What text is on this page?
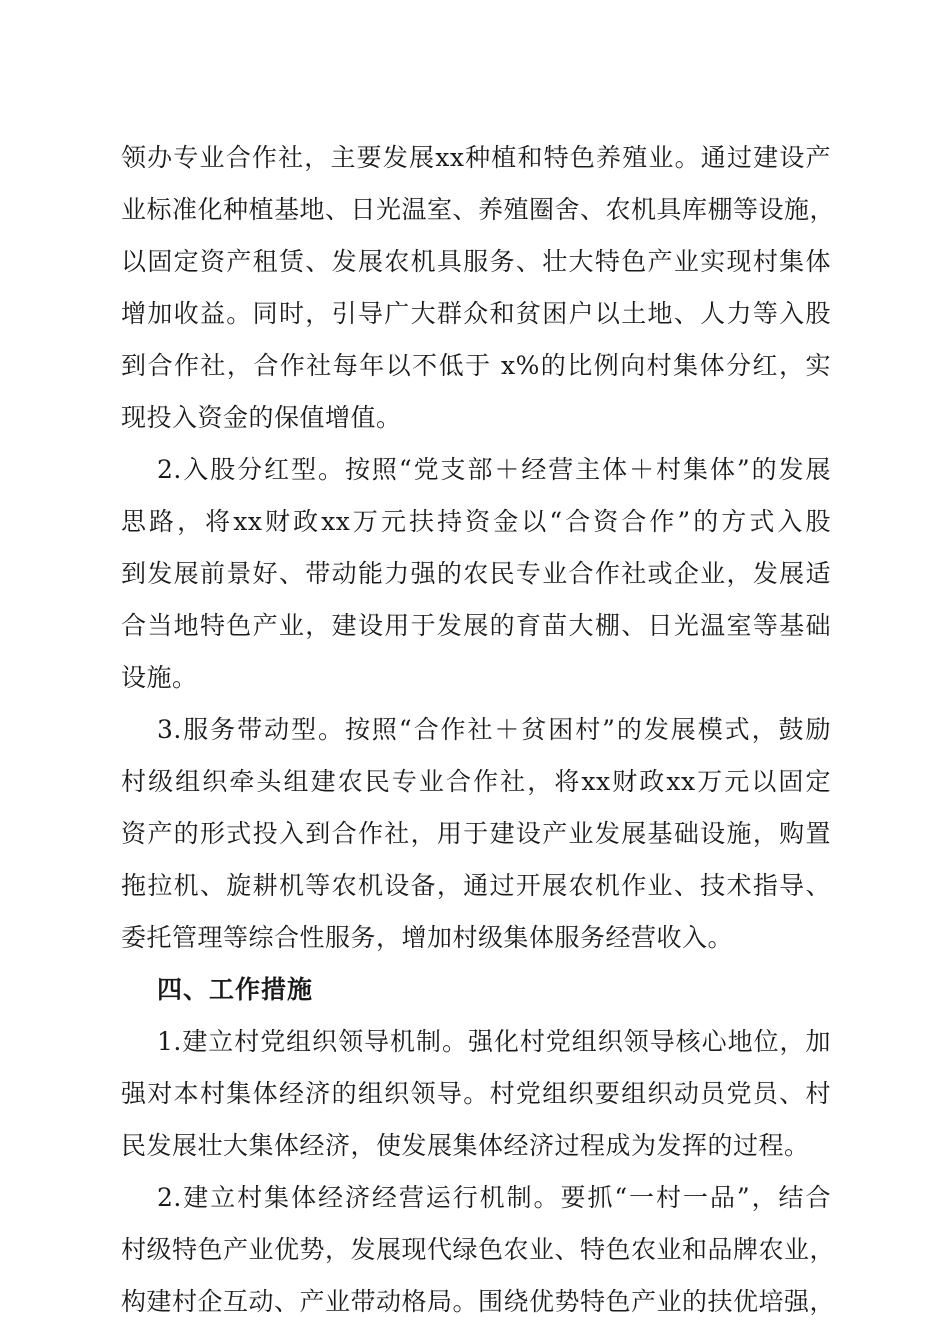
领办专业合作社，主要发展xx种植和特色养殖业。通过建设产
业标准化种植基地、日光温室、养殖圈舍、农机具库棚等设施，
以固定资产租赁、发展农机具服务、壮大特色产业实现村集体
增加收益。同时，引导广大群众和贫困户以土地、人力等入股
到合作社，合作社每年以不低于 x%的比例向村集体分红，实
现投入资金的保值增值。
2.入股分红型。按照“党支部＋经营主体＋村集体”的发展
思路，将xx财政xx万元扶持资金以“合资合作”的方式入股
到发展前景好、带动能力强的农民专业合作社或企业，发展适
合当地特色产业，建设用于发展的育苗大棚、日光温室等基础
设施。
3.服务带动型。按照“合作社＋贫困村”的发展模式，鼓励
村级组织牵头组建农民专业合作社，将xx财政xx万元以固定
资产的形式投入到合作社，用于建设产业发展基础设施，购置
拖拉机、旋耕机等农机设备，通过开展农机作业、技术指导、
委托管理等综合性服务，增加村级集体服务经营收入。
四、工作措施
1.建立村党组织领导机制。强化村党组织领导核心地位，加
强对本村集体经济的组织领导。村党组织要组织动员党员、村
民发展壮大集体经济，使发展集体经济过程成为发挥的过程。
2.建立村集体经济经营运行机制。要抓“一村一品”，结合
村级特色产业优势，发展现代绿色农业、特色农业和品牌农业，
构建村企互动、产业带动格局。围绕优势特色产业的扶优培强，
